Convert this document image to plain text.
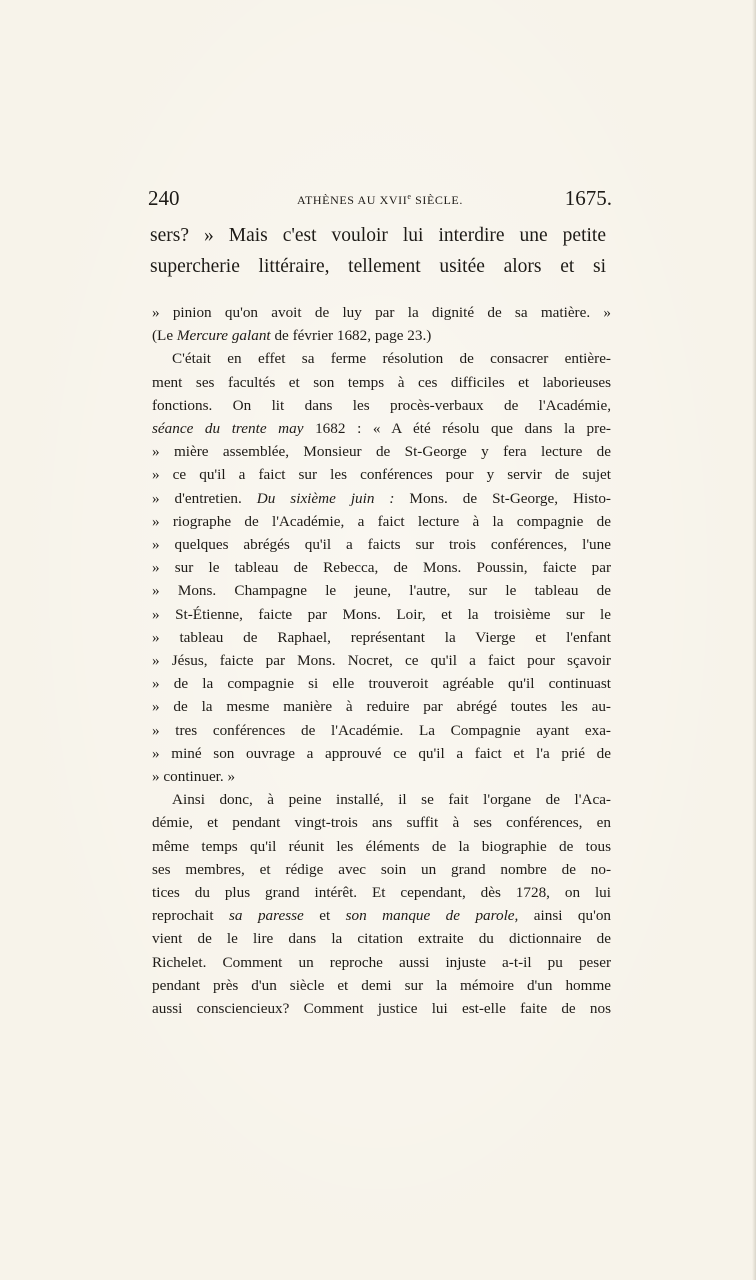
240	ATHÈNES AU XVIIe SIÈCLE.	1675.
sers? » Mais c'est vouloir lui interdire une petite
supercherie littéraire, tellement usitée alors et si
» pinion qu'on avoit de luy par la dignité de sa matière. »
(Le Mercure galant de février 1682, page 23.)
C'était en effet sa ferme résolution de consacrer entière-
ment ses facultés et son temps à ces difficiles et laborieuses
fonctions. On lit dans les procès-verbaux de l'Académie,
séance du trente may 1682 : « A été résolu que dans la pre-
» mière assemblée, Monsieur de St-George y fera lecture de
» ce qu'il a faict sur les conférences pour y servir de sujet
» d'entretien. Du sixième juin : Mons. de St-George, Histo-
» riographe de l'Académie, a faict lecture à la compagnie de
» quelques abrégés qu'il a faicts sur trois conférences, l'une
» sur le tableau de Rebecca, de Mons. Poussin, faicte par
» Mons. Champagne le jeune, l'autre, sur le tableau de
» St-Étienne, faicte par Mons. Loir, et la troisième sur le
» tableau de Raphael, représentant la Vierge et l'enfant
» Jésus, faicte par Mons. Nocret, ce qu'il a faict pour sçavoir
» de la compagnie si elle trouveroit agréable qu'il continuast
» de la mesme manière à reduire par abrégé toutes les au-
» tres conférences de l'Académie. La Compagnie ayant exa-
» miné son ouvrage a approuvé ce qu'il a faict et l'a prié de
» continuer. »
Ainsi donc, à peine installé, il se fait l'organe de l'Aca-
démie, et pendant vingt-trois ans suffit à ses conférences, en
même temps qu'il réunit les éléments de la biographie de tous
ses membres, et rédige avec soin un grand nombre de no-
tices du plus grand intérêt. Et cependant, dès 1728, on lui
reprochait sa paresse et son manque de parole, ainsi qu'on
vient de le lire dans la citation extraite du dictionnaire de
Richelet. Comment un reproche aussi injuste a-t-il pu peser
pendant près d'un siècle et demi sur la mémoire d'un homme
aussi consciencieux? Comment justice lui est-elle faite de nos
